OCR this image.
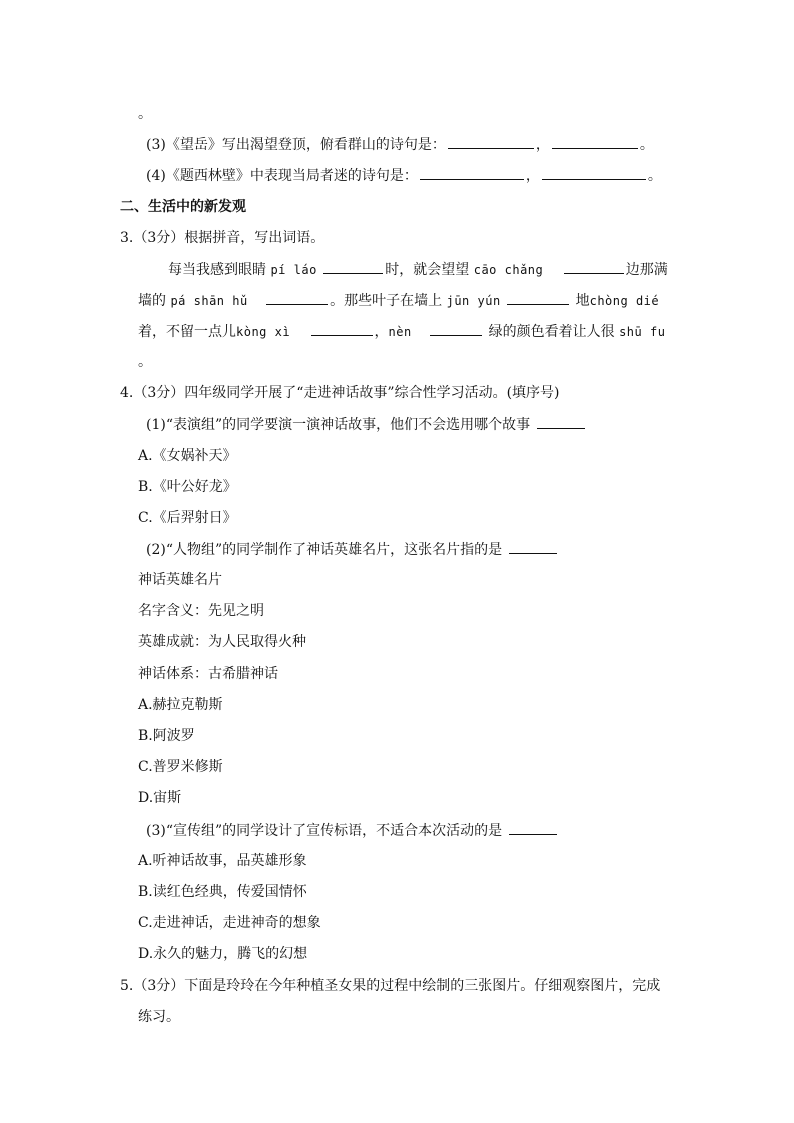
。
(3)《望岳》写出渴望登顶，俯看群山的诗句是：	，	。
(4)《题西林壁》中表现当局者迷的诗句是：	，	。
二、生活中的新发观
3.（3分）根据拼音，写出词语。
每当我感到眼睛 pí láo	时，就会望望 cāo chǎng	边那满
墙的 pá shān hǔ	。那些叶子在墙上 jūn yún	地chòng dié
着，不留一点儿kòng xì	，nèn	绿的颜色看着让人很 shū fu
。
4.（3分）四年级同学开展了“走进神话故事”综合性学习活动。(填序号)
(1)“表演组”的同学要演一演神话故事，他们不会选用哪个故事
A.《女娲补天》
B.《叶公好龙》
C.《后羿射日》
(2)“人物组”的同学制作了神话英雄名片，这张名片指的是
神话英雄名片
名字含义：先见之明
英雄成就：为人民取得火种
神话体系：古希腊神话
A.赫拉克勒斯
B.阿波罗
C.普罗米修斯
D.宙斯
(3)“宣传组”的同学设计了宣传标语，不适合本次活动的是
A.听神话故事，品英雄形象
B.读红色经典，传爱国情怀
C.走进神话，走进神奇的想象
D.永久的魅力，腾飞的幻想
5.（3分）下面是玲玲在今年种植圣女果的过程中绘制的三张图片。仔细观察图片，完成
练习。
